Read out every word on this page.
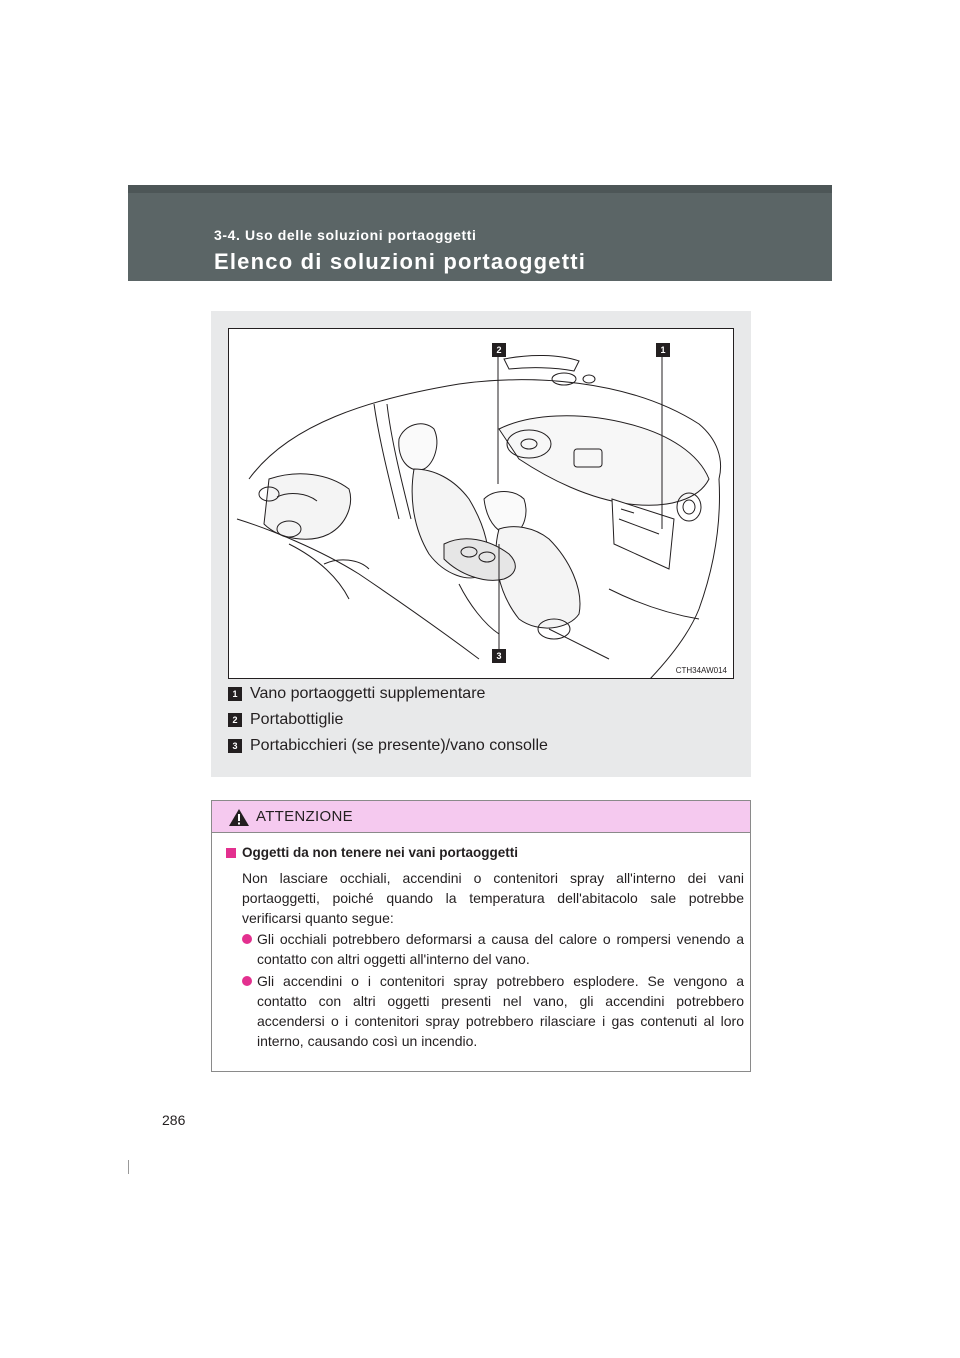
3-4. Uso delle soluzioni portaoggetti
Elenco di soluzioni portaoggetti
1
2
3
CTH34AW014
1 Vano portaoggetti supplementare
2 Portabottiglie
3 Portabicchieri (se presente)/vano consolle
ATTENZIONE
Oggetti da non tenere nei vani portaoggetti
Non lasciare occhiali, accendini o contenitori spray all'interno dei vani portaoggetti, poiché quando la temperatura dell'abitacolo sale potrebbe verificarsi quanto segue:
Gli occhiali potrebbero deformarsi a causa del calore o rompersi venendo a contatto con altri oggetti all'interno del vano.
Gli accendini o i contenitori spray potrebbero esplodere. Se vengono a contatto con altri oggetti presenti nel vano, gli accendini potrebbero accendersi o i contenitori spray potrebbero rilasciare i gas contenuti al loro interno, causando così un incendio.
286
